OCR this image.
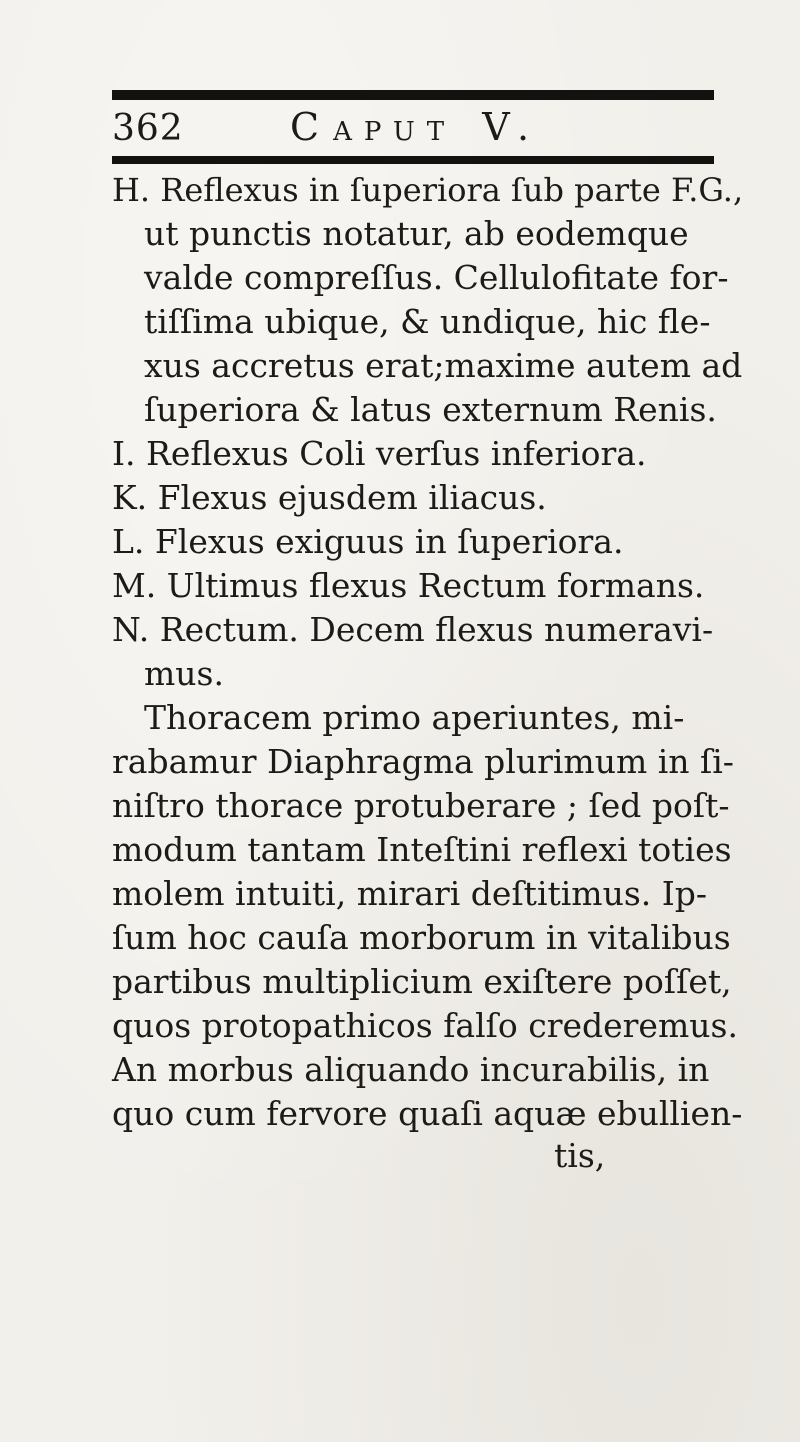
362	CAPUT V.
H. Reflexus in ſuperiora ſub parte F.G.,
ut punctis notatur, ab eodemque
valde compreſſus. Cellulofitate for-
tiſſima ubique, & undique, hic fle-
xus accretus erat;maxime autem ad
ſuperiora & latus externum Renis.
I. Reflexus Coli verſus inferiora.
K. Flexus ejusdem iliacus.
L. Flexus exiguus in ſuperiora.
M. Ultimus flexus Rectum formans.
N. Rectum. Decem flexus numeravi-
mus.
Thoracem primo aperiuntes, mi-
rabamur Diaphragma plurimum in ſi-
niſtro thorace protuberare ; ſed poſt-
modum tantam Inteſtini reflexi toties
molem intuiti, mirari deſtitimus. Ip-
ſum hoc cauſa morborum in vitalibus
partibus multiplicium exiſtere poſſet,
quos protopathicos falſo crederemus.
An morbus aliquando incurabilis, in
quo cum fervore quaſi aquæ ebullien-
tis,
